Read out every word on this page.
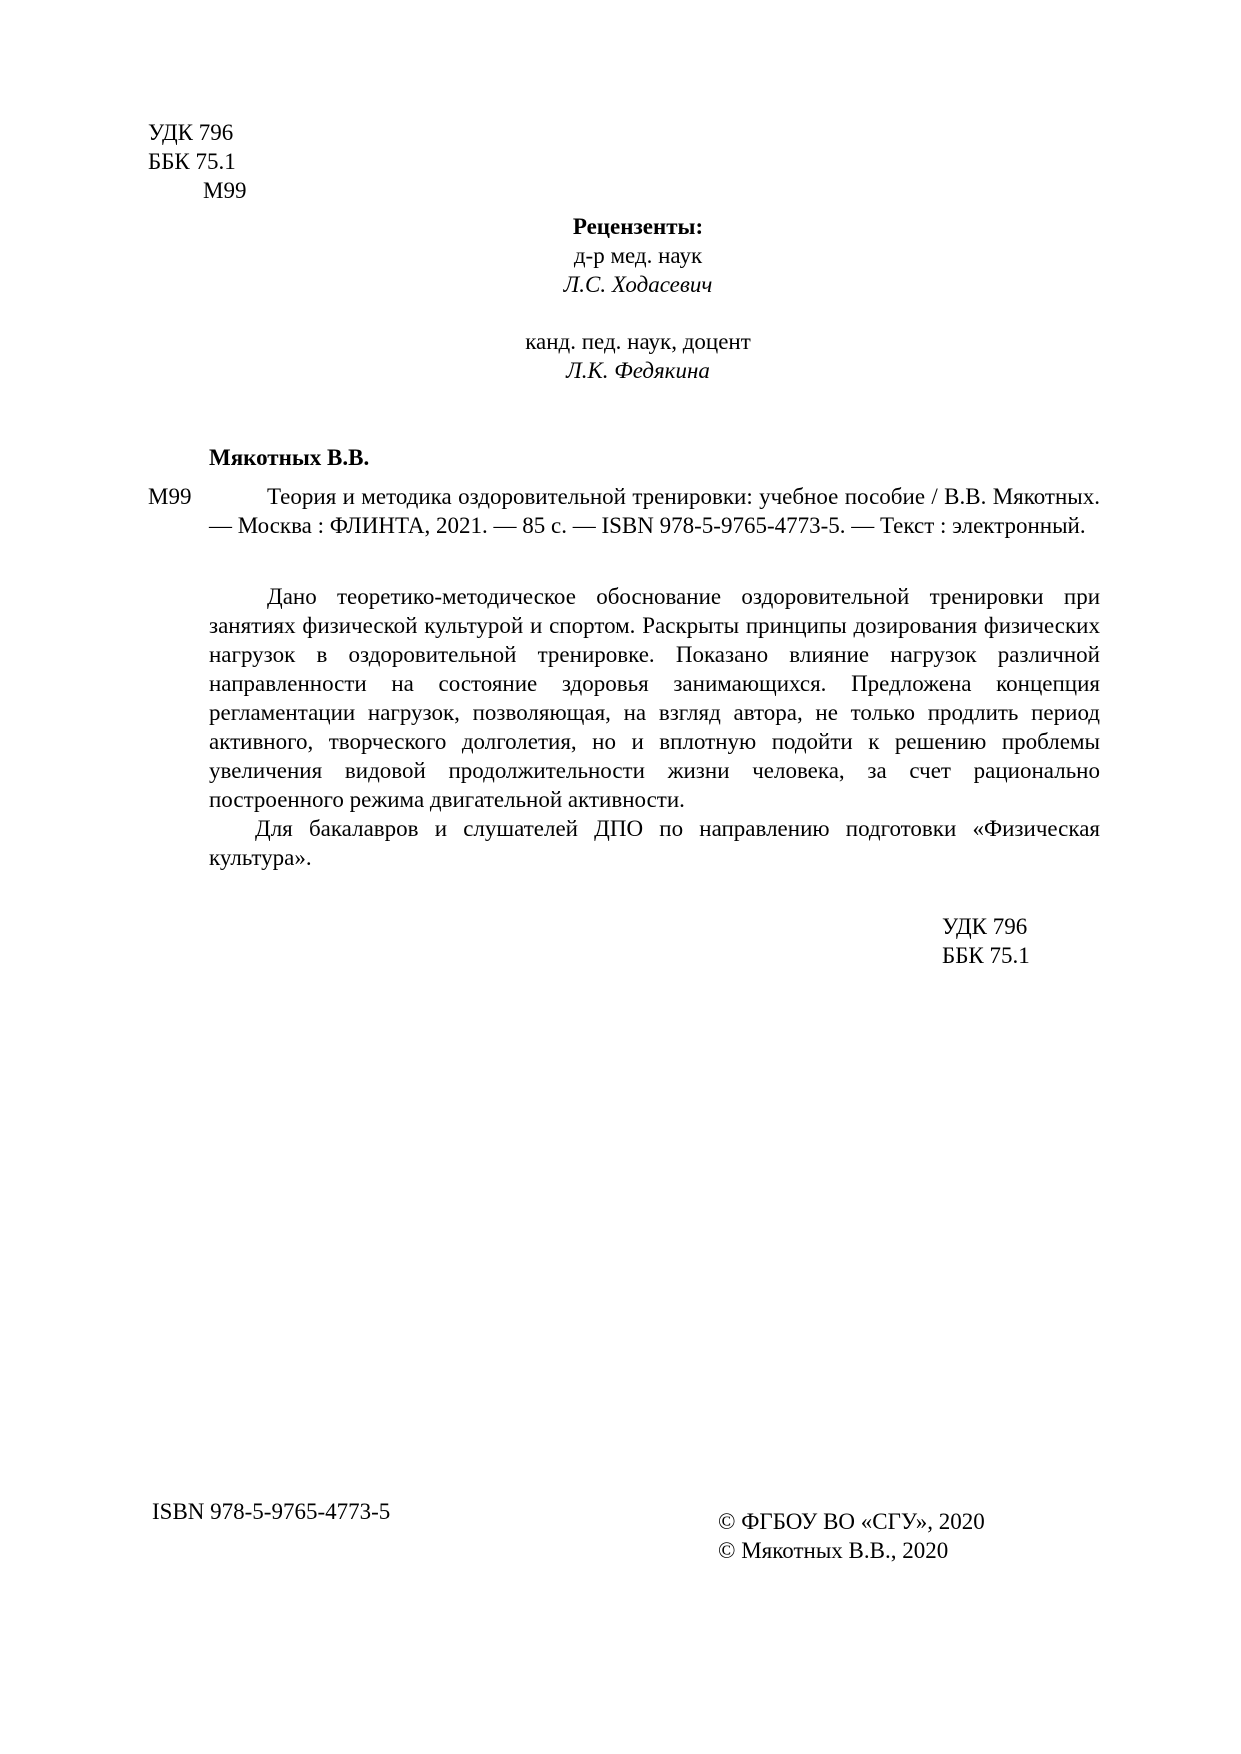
УДК 796
ББК 75.1
М99
Рецензенты:
д-р мед. наук
Л.С. Ходасевич
канд. пед. наук, доцент
Л.К. Федякина
Мякотных В.В.
М99	Теория и методика оздоровительной тренировки: учебное пособие / В.В. Мякотных. — Москва : ФЛИНТА, 2021. — 85 с. — ISBN 978-5-9765-4773-5. — Текст : электронный.

Дано теоретико-методическое обоснование оздоровительной тренировки при занятиях физической культурой и спортом. Раскрыты принципы дозирования физических нагрузок в оздоровительной тренировке. Показано влияние нагрузок различной направленности на состояние здоровья занимающихся. Предложена концепция регламентации нагрузок, позволяющая, на взгляд автора, не только продлить период активного, творческого долголетия, но и вплотную подойти к решению проблемы увеличения видовой продолжительности жизни человека, за счет рационально построенного режима двигательной активности.

Для бакалавров и слушателей ДПО по направлению подготовки «Физическая культура».

УДК 796
ББК 75.1
ISBN 978-5-9765-4773-5	© ФГБОУ ВО «СГУ», 2020
© Мякотных В.В., 2020
